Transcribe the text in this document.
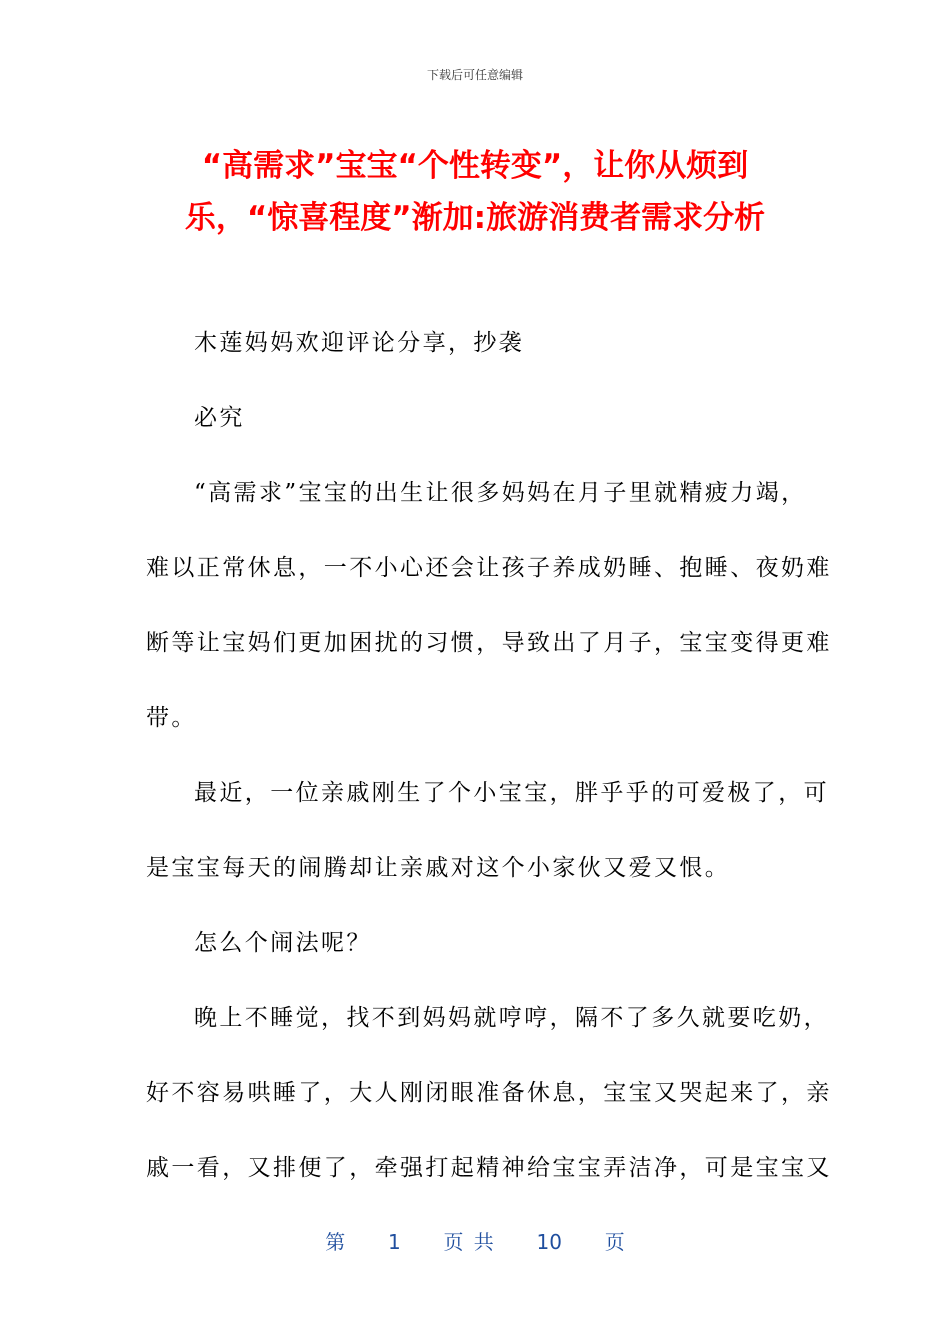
下载后可任意编辑
“高需求”宝宝“个性转变”，让你从烦到
乐，“惊喜程度”渐加:旅游消费者需求分析
木莲妈妈欢迎评论分享，抄袭
必究
“高需求”宝宝的出生让很多妈妈在月子里就精疲力竭，
难以正常休息，一不小心还会让孩子养成奶睡、抱睡、夜奶难
断等让宝妈们更加困扰的习惯，导致出了月子，宝宝变得更难
带。
最近，一位亲戚刚生了个小宝宝，胖乎乎的可爱极了，可
是宝宝每天的闹腾却让亲戚对这个小家伙又爱又恨。
怎么个闹法呢？
晚上不睡觉，找不到妈妈就哼哼，隔不了多久就要吃奶，
好不容易哄睡了，大人刚闭眼准备休息，宝宝又哭起来了，亲
戚一看，又排便了，牵强打起精神给宝宝弄洁净，可是宝宝又
第 1 页 共 10 页
